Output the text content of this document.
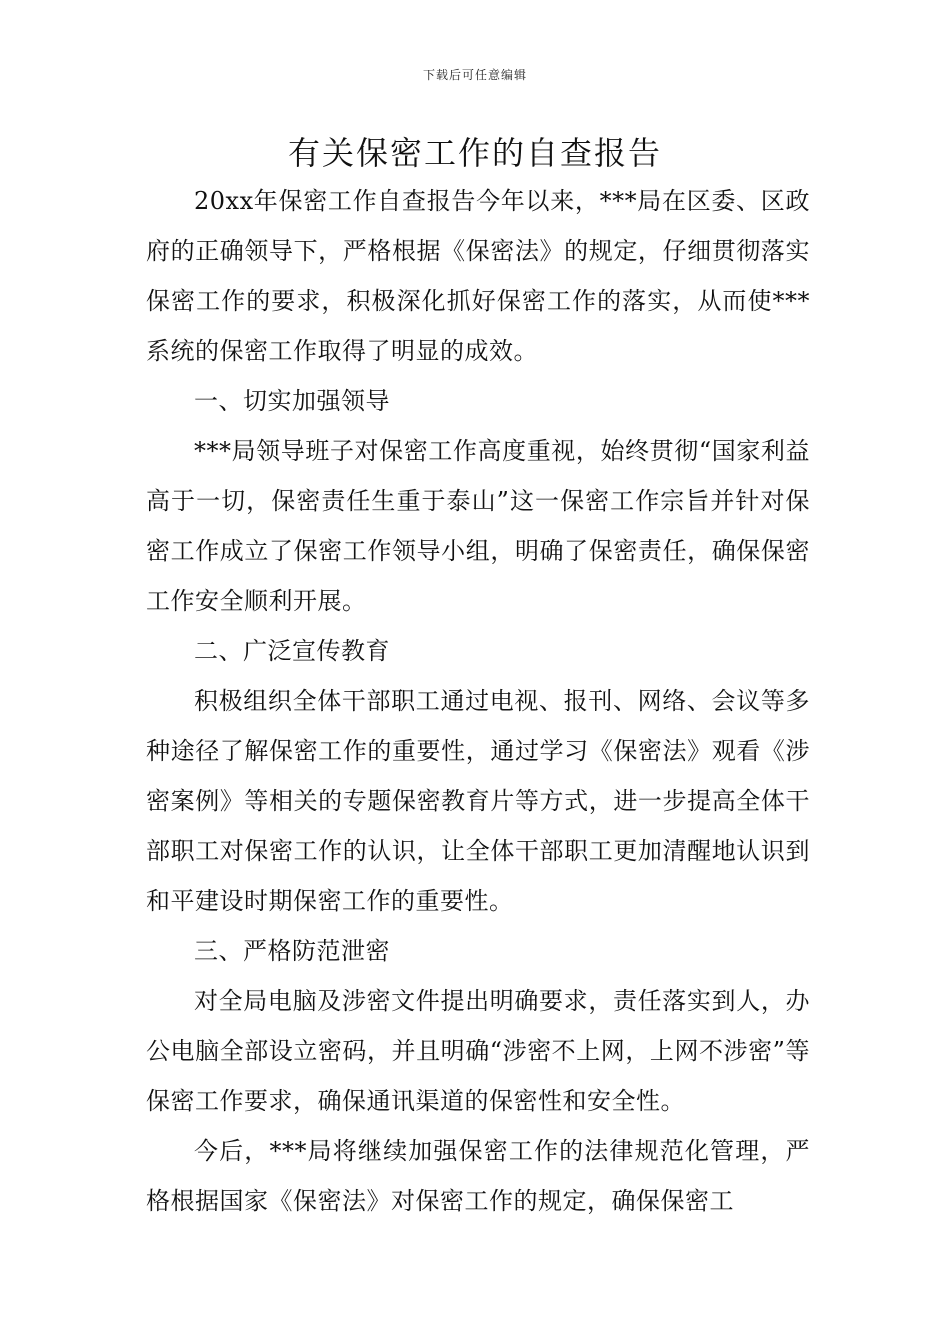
下载后可任意编辑
有关保密工作的自查报告

20xx年保密工作自查报告今年以来，***局在区委、区政府的正确领导下，严格根据《保密法》的规定，仔细贯彻落实保密工作的要求，积极深化抓好保密工作的落实，从而使***系统的保密工作取得了明显的成效。

一、切实加强领导

***局领导班子对保密工作高度重视，始终贯彻“国家利益高于一切，保密责任生重于泰山”这一保密工作宗旨并针对保密工作成立了保密工作领导小组，明确了保密责任，确保保密工作安全顺利开展。

二、广泛宣传教育

积极组织全体干部职工通过电视、报刊、网络、会议等多种途径了解保密工作的重要性，通过学习《保密法》观看《涉密案例》等相关的专题保密教育片等方式，进一步提高全体干部职工对保密工作的认识，让全体干部职工更加清醒地认识到和平建设时期保密工作的重要性。

三、严格防范泄密

对全局电脑及涉密文件提出明确要求，责任落实到人，办公电脑全部设立密码，并且明确“涉密不上网，上网不涉密”等保密工作要求，确保通讯渠道的保密性和安全性。

今后，***局将继续加强保密工作的法律规范化管理，严格根据国家《保密法》对保密工作的规定，确保保密工
